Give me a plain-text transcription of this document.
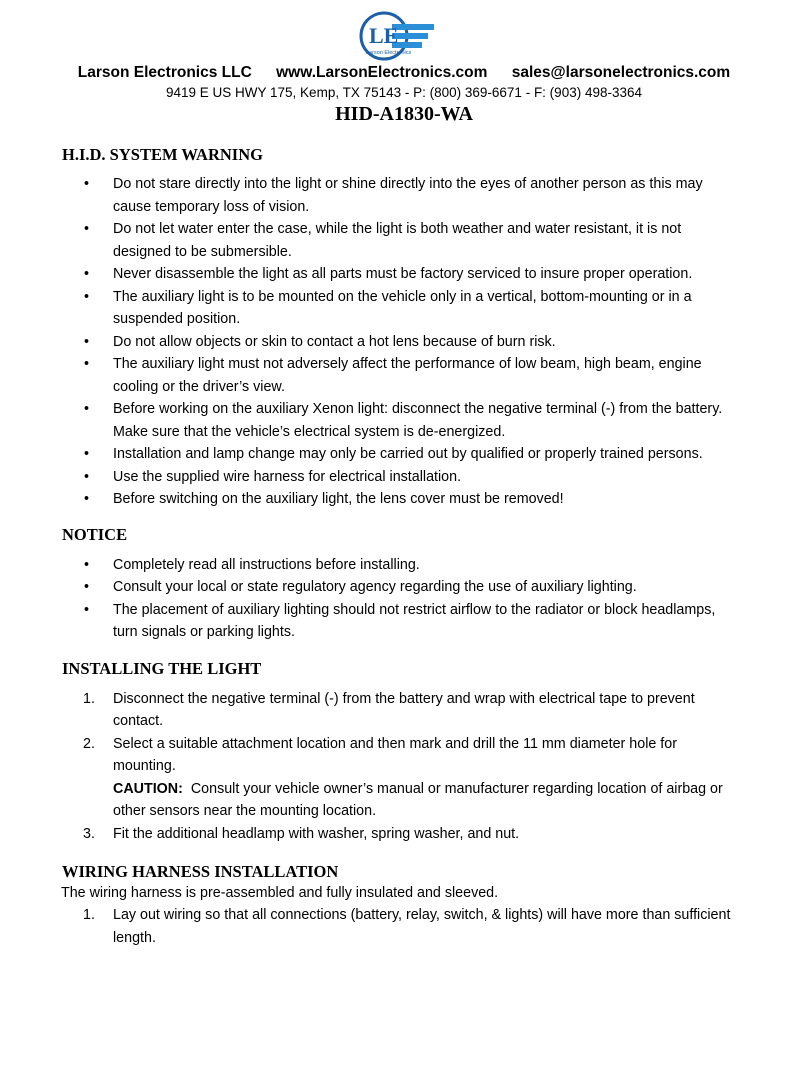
LE
Larson Electronics
Larson Electronics LLC www.LarsonElectronics.com sales@larsonelectronics.com
9419 E US HWY 175, Kemp, TX 75143 - P: (800) 369-6671 - F: (903) 498-3364
HID-A1830-WA
H.I.D. SYSTEM WARNING
• Do not stare directly into the light or shine directly into the eyes of another person as this may cause temporary loss of vision.
• Do not let water enter the case, while the light is both weather and water resistant, it is not designed to be submersible.
• Never disassemble the light as all parts must be factory serviced to insure proper operation.
• The auxiliary light is to be mounted on the vehicle only in a vertical, bottom-mounting or in a suspended position.
• Do not allow objects or skin to contact a hot lens because of burn risk.
• The auxiliary light must not adversely affect the performance of low beam, high beam, engine cooling or the driver’s view.
• Before working on the auxiliary Xenon light: disconnect the negative terminal (-) from the battery. Make sure that the vehicle’s electrical system is de-energized.
• Installation and lamp change may only be carried out by qualified or properly trained persons.
• Use the supplied wire harness for electrical installation.
• Before switching on the auxiliary light, the lens cover must be removed!
NOTICE
• Completely read all instructions before installing.
• Consult your local or state regulatory agency regarding the use of auxiliary lighting.
• The placement of auxiliary lighting should not restrict airflow to the radiator or block headlamps, turn signals or parking lights.
INSTALLING THE LIGHT
1. Disconnect the negative terminal (-) from the battery and wrap with electrical tape to prevent contact.
2. Select a suitable attachment location and then mark and drill the 11 mm diameter hole for mounting.
CAUTION: Consult your vehicle owner’s manual or manufacturer regarding location of airbag or other sensors near the mounting location.
3. Fit the additional headlamp with washer, spring washer, and nut.
WIRING HARNESS INSTALLATION

The wiring harness is pre-assembled and fully insulated and sleeved.

1. Lay out wiring so that all connections (battery, relay, switch, & lights) will have more than sufficient length.
